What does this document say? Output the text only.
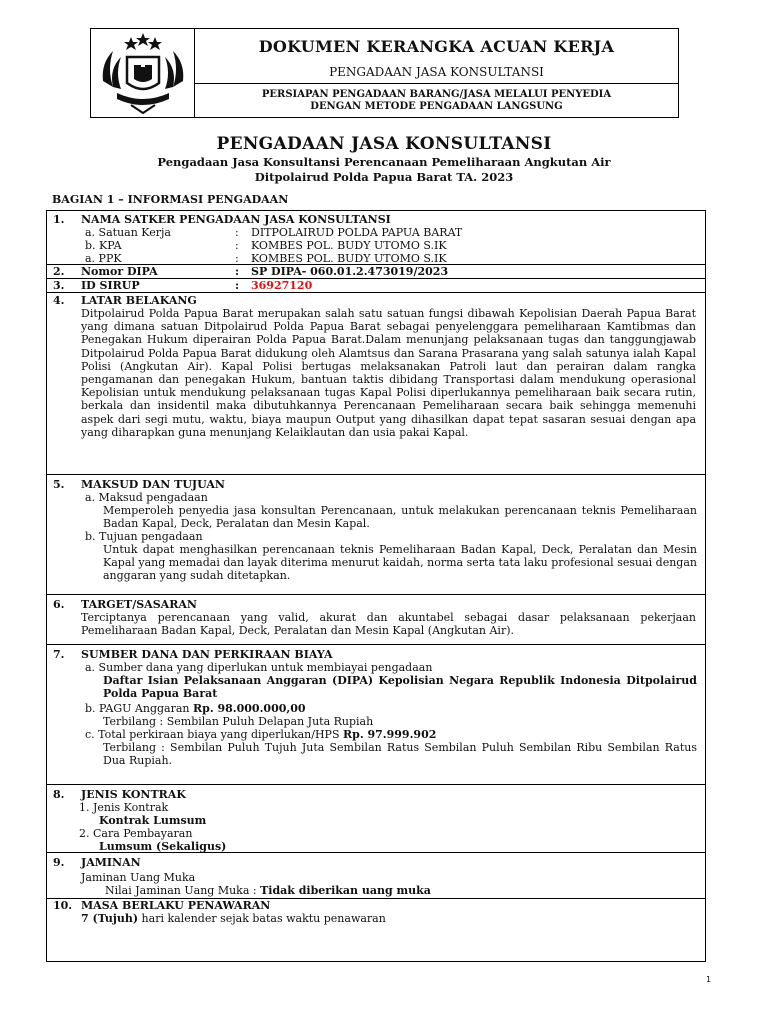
DOKUMEN KERANGKA ACUAN KERJA
PENGADAAN JASA KONSULTANSI
PERSIAPAN PENGADAAN BARANG/JASA MELALUI PENYEDIA
DENGAN METODE PENGADAAN LANGSUNG
PENGADAAN JASA KONSULTANSI
Pengadaan Jasa Konsultansi Perencanaan Pemeliharaan Angkutan Air
Ditpolairud Polda Papua Barat TA. 2023
BAGIAN 1 – INFORMASI PENGADAAN
1. NAMA SATKER PENGADAAN JASA KONSULTANSI
a. Satuan Kerja	: DITPOLAIRUD POLDA PAPUA BARAT
b. KPA	: KOMBES POL. BUDY UTOMO S.IK
a. PPK	: KOMBES POL. BUDY UTOMO S.IK
2. Nomor DIPA	: SP DIPA- 060.01.2.473019/2023
3. ID SIRUP	: 36927120
4. LATAR BELAKANG
Ditpolairud Polda Papua Barat merupakan salah satu satuan fungsi dibawah Kepolisian Daerah Papua Barat yang dimana satuan Ditpolairud Polda Papua Barat sebagai penyelenggara pemeliharaan Kamtibmas dan Penegakan Hukum diperairan Polda Papua Barat.Dalam menunjang pelaksanaan tugas dan tanggungjawab Ditpolairud Polda Papua Barat didukung oleh Alamtsus dan Sarana Prasarana yang salah satunya ialah Kapal Polisi (Angkutan Air). Kapal Polisi bertugas melaksanakan Patroli laut dan perairan dalam rangka pengamanan dan penegakan Hukum, bantuan taktis dibidang Transportasi dalam mendukung operasional Kepolisian untuk mendukung pelaksanaan tugas Kapal Polisi diperlukannya pemeliharaan baik secara rutin, berkala dan insidentil maka dibutuhkannya Perencanaan Pemeliharaan secara baik sehingga memenuhi aspek dari segi mutu, waktu, biaya maupun Output yang dihasilkan dapat tepat sasaran sesuai dengan apa yang diharapkan guna menunjang Kelaiklautan dan usia pakai Kapal.
5. MAKSUD DAN TUJUAN
a. Maksud pengadaan
Memperoleh penyedia jasa konsultan Perencanaan, untuk melakukan perencanaan teknis Pemeliharaan Badan Kapal, Deck, Peralatan dan Mesin Kapal.
b. Tujuan pengadaan
Untuk dapat menghasilkan perencanaan teknis Pemeliharaan Badan Kapal, Deck, Peralatan dan Mesin Kapal yang memadai dan layak diterima menurut kaidah, norma serta tata laku profesional sesuai dengan anggaran yang sudah ditetapkan.
6. TARGET/SASARAN
Terciptanya perencanaan yang valid, akurat dan akuntabel sebagai dasar pelaksanaan pekerjaan Pemeliharaan Badan Kapal, Deck, Peralatan dan Mesin Kapal (Angkutan Air).
7. SUMBER DANA DAN PERKIRAAN BIAYA
a. Sumber dana yang diperlukan untuk membiayai pengadaan
Daftar Isian Pelaksanaan Anggaran (DIPA) Kepolisian Negara Republik Indonesia Ditpolairud Polda Papua Barat
b. PAGU Anggaran Rp. 98.000.000,00
Terbilang : Sembilan Puluh Delapan Juta Rupiah
c. Total perkiraan biaya yang diperlukan/HPS Rp. 97.999.902
Terbilang : Sembilan Puluh Tujuh Juta Sembilan Ratus Sembilan Puluh Sembilan Ribu Sembilan Ratus Dua Rupiah.
8. JENIS KONTRAK
1. Jenis Kontrak
Kontrak Lumsum
2. Cara Pembayaran
Lumsum (Sekaligus)
9. JAMINAN
Jaminan Uang Muka
Nilai Jaminan Uang Muka : Tidak diberikan uang muka
10. MASA BERLAKU PENAWARAN
7 (Tujuh) hari kalender sejak batas waktu penawaran
1
